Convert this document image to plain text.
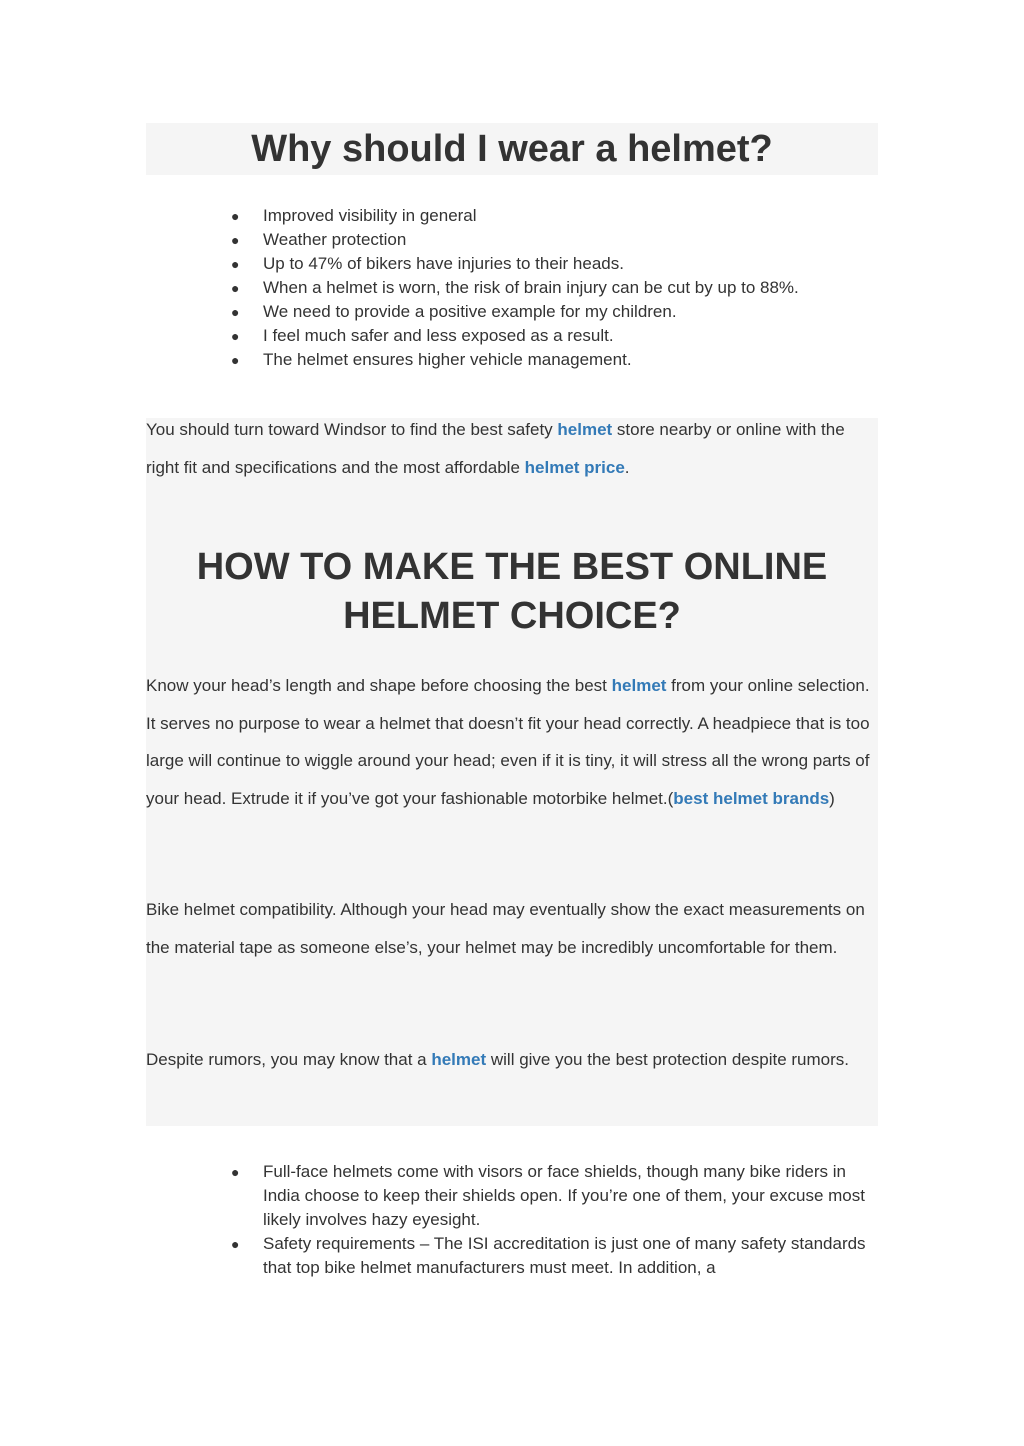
Why should I wear a helmet?
● Improved visibility in general
● Weather protection
● Up to 47% of bikers have injuries to their heads.
● When a helmet is worn, the risk of brain injury can be cut by up to 88%.
● We need to provide a positive example for my children.
● I feel much safer and less exposed as a result.
● The helmet ensures higher vehicle management.

You should turn toward Windsor to find the best safety helmet store nearby or online with the right fit and specifications and the most affordable helmet price.

HOW TO MAKE THE BEST ONLINE HELMET CHOICE?

Know your head’s length and shape before choosing the best helmet from your online selection. It serves no purpose to wear a helmet that doesn’t fit your head correctly. A headpiece that is too large will continue to wiggle around your head; even if it is tiny, it will stress all the wrong parts of your head. Extrude it if you’ve got your fashionable motorbike helmet.(best helmet brands)

Bike helmet compatibility. Although your head may eventually show the exact measurements on the material tape as someone else’s, your helmet may be incredibly uncomfortable for them.

Despite rumors, you may know that a helmet will give you the best protection despite rumors.

● Full-face helmets come with visors or face shields, though many bike riders in India choose to keep their shields open. If you’re one of them, your excuse most likely involves hazy eyesight.
● Safety requirements – The ISI accreditation is just one of many safety standards that top bike helmet manufacturers must meet. In addition, a
